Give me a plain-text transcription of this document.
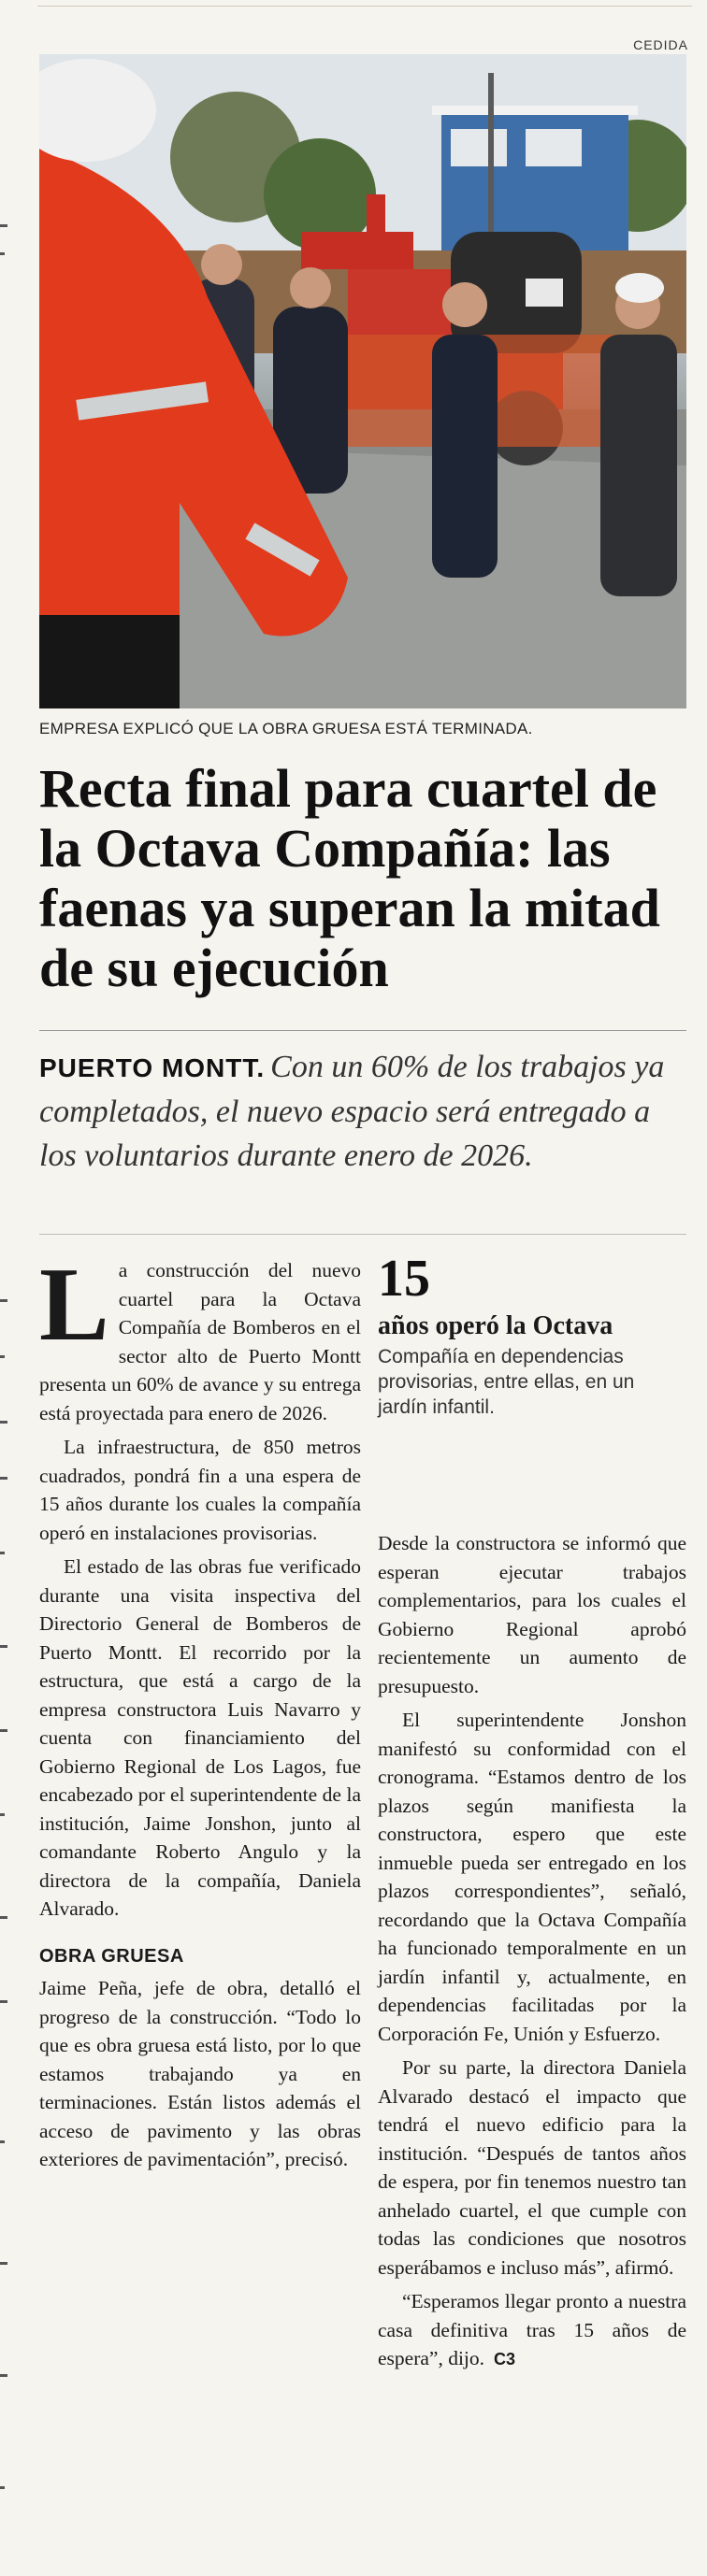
CEDIDA
EMPRESA EXPLICÓ QUE LA OBRA GRUESA ESTÁ TERMINADA.
Recta final para cuartel de la Octava Compañía: las faenas ya superan la mitad de su ejecución

PUERTO MONTT. Con un 60% de los trabajos ya completados, el nuevo espacio será entregado a los voluntarios durante enero de 2026.

15
años operó la Octava
Compañía en dependencias provisorias, entre ellas, en un jardín infantil.

La construcción del nuevo cuartel para la Octava Compañía de Bomberos en el sector alto de Puerto Montt presenta un 60% de avance y su entrega está proyectada para enero de 2026.

La infraestructura, de 850 metros cuadrados, pondrá fin a una espera de 15 años durante los cuales la compañía operó en instalaciones provisorias.

El estado de las obras fue verificado durante una visita inspectiva del Directorio General de Bomberos de Puerto Montt. El recorrido por la estructura, que está a cargo de la empresa constructora Luis Navarro y cuenta con financiamiento del Gobierno Regional de Los Lagos, fue encabezado por el superintendente de la institución, Jaime Jonshon, junto al comandante Roberto Angulo y la directora de la compañía, Daniela Alvarado.

OBRA GRUESA

Jaime Peña, jefe de obra, detalló el progreso de la construcción. “Todo lo que es obra gruesa está listo, por lo que estamos trabajando ya en terminaciones. Están listos además el acceso de pavimento y las obras exteriores de pavimentación”, precisó.

Desde la constructora se informó que esperan ejecutar trabajos complementarios, para los cuales el Gobierno Regional aprobó recientemente un aumento de presupuesto.

El superintendente Jonshon manifestó su conformidad con el cronograma. “Estamos dentro de los plazos según manifiesta la constructora, espero que este inmueble pueda ser entregado en los plazos correspondientes”, señaló, recordando que la Octava Compañía ha funcionado temporalmente en un jardín infantil y, actualmente, en dependencias facilitadas por la Corporación Fe, Unión y Esfuerzo.

Por su parte, la directora Daniela Alvarado destacó el impacto que tendrá el nuevo edificio para la institución. “Después de tantos años de espera, por fin tenemos nuestro tan anhelado cuartel, el que cumple con todas las condiciones que nosotros esperábamos e incluso más”, afirmó.

“Esperamos llegar pronto a nuestra casa definitiva tras 15 años de espera”, dijo. C3
